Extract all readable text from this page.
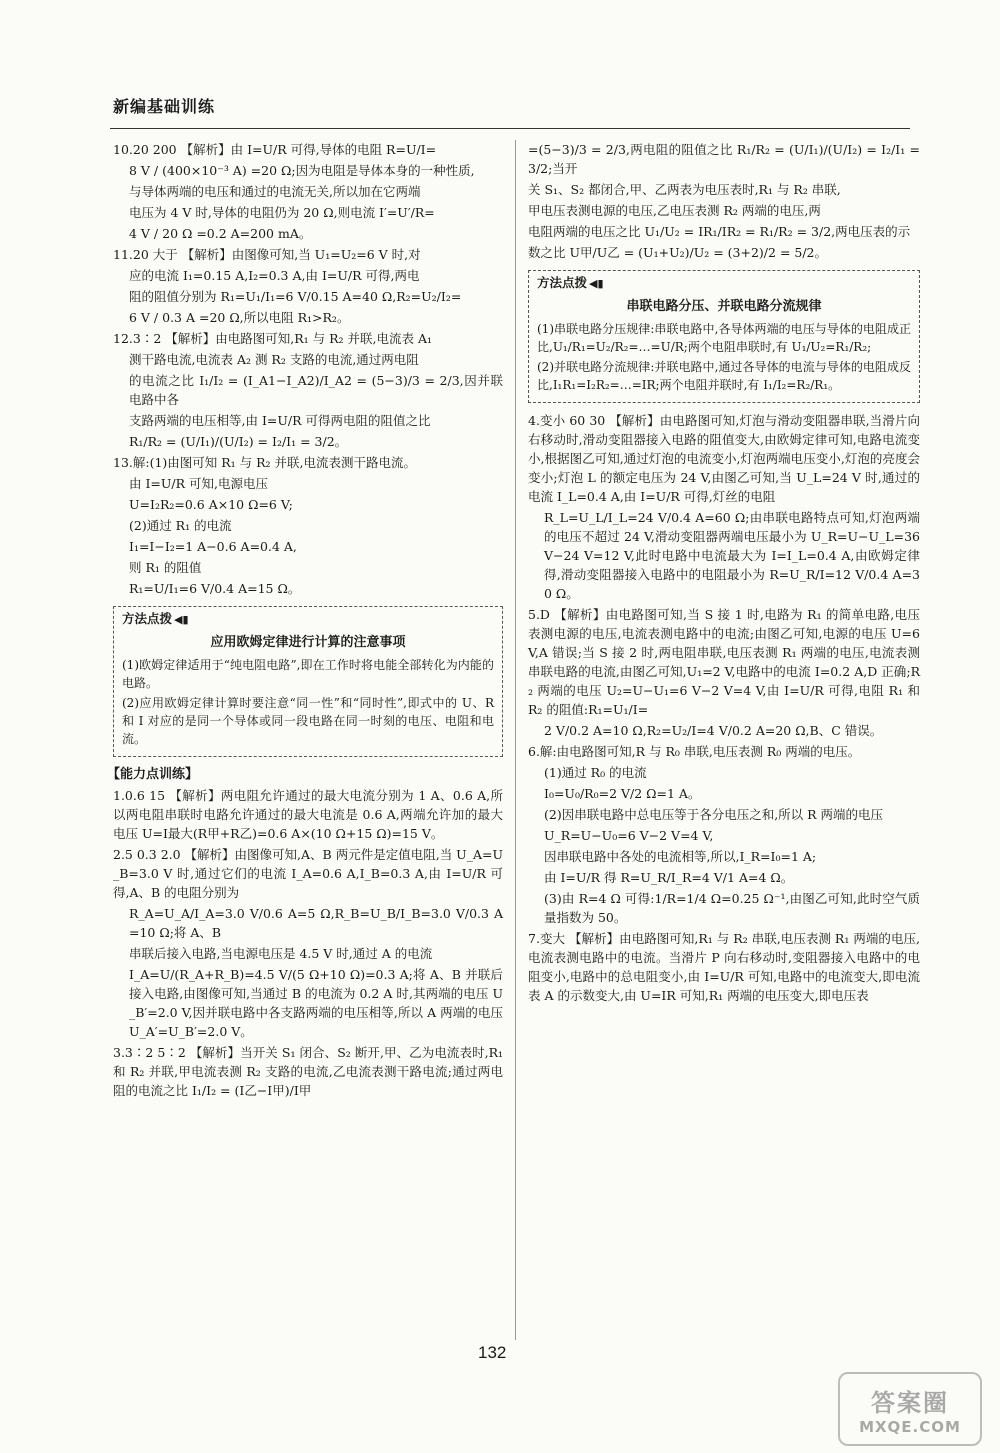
新编基础训练

10.20 200 【解析】由 I=U/R 可得,导体的电阻 R=U/I=

8 V / (400×10⁻³ A) =20 Ω;因为电阻是导体本身的一种性质,

与导体两端的电压和通过的电流无关,所以加在它两端

电压为 4 V 时,导体的电阻仍为 20 Ω,则电流 I′=U′/R=

4 V / 20 Ω =0.2 A=200 mA。

11.20 大于 【解析】由图像可知,当 U₁=U₂=6 V 时,对

应的电流 I₁=0.15 A,I₂=0.3 A,由 I=U/R 可得,两电

阻的阻值分别为 R₁=U₁/I₁=6 V/0.15 A=40 Ω,R₂=U₂/I₂=

6 V / 0.3 A =20 Ω,所以电阻 R₁>R₂。

12.3∶2 【解析】由电路图可知,R₁ 与 R₂ 并联,电流表 A₁

测干路电流,电流表 A₂ 测 R₂ 支路的电流,通过两电阻

的电流之比 I₁/I₂ = (I_A1−I_A2)/I_A2 = (5−3)/3 = 2/3,因并联电路中各

支路两端的电压相等,由 I=U/R 可得两电阻的阻值之比

R₁/R₂ = (U/I₁)/(U/I₂) = I₂/I₁ = 3/2。

13.解:(1)由图可知 R₁ 与 R₂ 并联,电流表测干路电流。

由 I=U/R 可知,电源电压

U=I₂R₂=0.6 A×10 Ω=6 V;

(2)通过 R₁ 的电流

I₁=I−I₂=1 A−0.6 A=0.4 A,

则 R₁ 的阻值

R₁=U/I₁=6 V/0.4 A=15 Ω。

方法点拨 ◀▮
应用欧姆定律进行计算的注意事项

(1)欧姆定律适用于“纯电阻电路”,即在工作时将电能全部转化为内能的电路。

(2)应用欧姆定律计算时要注意“同一性”和“同时性”,即式中的 U、R 和 I 对应的是同一个导体或同一段电路在同一时刻的电压、电阻和电流。

【能力点训练】

1.0.6 15 【解析】两电阻允许通过的最大电流分别为 1 A、0.6 A,所以两电阻串联时电路允许通过的最大电流是 0.6 A,两端允许加的最大电压 U=I最大(R甲+R乙)=0.6 A×(10 Ω+15 Ω)=15 V。

2.5 0.3 2.0 【解析】由图像可知,A、B 两元件是定值电阻,当 U_A=U_B=3.0 V 时,通过它们的电流 I_A=0.6 A,I_B=0.3 A,由 I=U/R 可得,A、B 的电阻分别为

R_A=U_A/I_A=3.0 V/0.6 A=5 Ω,R_B=U_B/I_B=3.0 V/0.3 A=10 Ω;将 A、B

串联后接入电路,当电源电压是 4.5 V 时,通过 A 的电流

I_A=U/(R_A+R_B)=4.5 V/(5 Ω+10 Ω)=0.3 A;将 A、B 并联后接入电路,由图像可知,当通过 B 的电流为 0.2 A 时,其两端的电压 U_B′=2.0 V,因并联电路中各支路两端的电压相等,所以 A 两端的电压 U_A′=U_B′=2.0 V。

3.3∶2 5∶2 【解析】当开关 S₁ 闭合、S₂ 断开,甲、乙为电流表时,R₁ 和 R₂ 并联,甲电流表测 R₂ 支路的电流,乙电流表测干路电流;通过两电阻的电流之比 I₁/I₂ = (I乙−I甲)/I甲

=(5−3)/3 = 2/3,两电阻的阻值之比 R₁/R₂ = (U/I₁)/(U/I₂) = I₂/I₁ = 3/2;当开

关 S₁、S₂ 都闭合,甲、乙两表为电压表时,R₁ 与 R₂ 串联,

甲电压表测电源的电压,乙电压表测 R₂ 两端的电压,两

电阻两端的电压之比 U₁/U₂ = IR₁/IR₂ = R₁/R₂ = 3/2,两电压表的示

数之比 U甲/U乙 = (U₁+U₂)/U₂ = (3+2)/2 = 5/2。

方法点拨 ◀▮
串联电路分压、并联电路分流规律

(1)串联电路分压规律:串联电路中,各导体两端的电压与导体的电阻成正比,U₁/R₁=U₂/R₂=…=U/R;两个电阻串联时,有 U₁/U₂=R₁/R₂;

(2)并联电路分流规律:并联电路中,通过各导体的电流与导体的电阻成反比,I₁R₁=I₂R₂=…=IR;两个电阻并联时,有 I₁/I₂=R₂/R₁。

4.变小 60 30 【解析】由电路图可知,灯泡与滑动变阻器串联,当滑片向右移动时,滑动变阻器接入电路的阻值变大,由欧姆定律可知,电路电流变小,根据图乙可知,通过灯泡的电流变小,灯泡两端电压变小,灯泡的亮度会变小;灯泡 L 的额定电压为 24 V,由图乙可知,当 U_L=24 V 时,通过的电流 I_L=0.4 A,由 I=U/R 可得,灯丝的电阻

R_L=U_L/I_L=24 V/0.4 A=60 Ω;由串联电路特点可知,灯泡两端的电压不超过 24 V,滑动变阻器两端电压最小为 U_R=U−U_L=36 V−24 V=12 V,此时电路中电流最大为 I=I_L=0.4 A,由欧姆定律得,滑动变阻器接入电路中的电阻最小为 R=U_R/I=12 V/0.4 A=30 Ω。

5.D 【解析】由电路图可知,当 S 接 1 时,电路为 R₁ 的简单电路,电压表测电源的电压,电流表测电路中的电流;由图乙可知,电源的电压 U=6 V,A 错误;当 S 接 2 时,两电阻串联,电压表测 R₁ 两端的电压,电流表测串联电路的电流,由图乙可知,U₁=2 V,电路中的电流 I=0.2 A,D 正确;R₂ 两端的电压 U₂=U−U₁=6 V−2 V=4 V,由 I=U/R 可得,电阻 R₁ 和 R₂ 的阻值:R₁=U₁/I=

2 V/0.2 A=10 Ω,R₂=U₂/I=4 V/0.2 A=20 Ω,B、C 错误。

6.解:由电路图可知,R 与 R₀ 串联,电压表测 R₀ 两端的电压。

(1)通过 R₀ 的电流

I₀=U₀/R₀=2 V/2 Ω=1 A。

(2)因串联电路中总电压等于各分电压之和,所以 R 两端的电压

U_R=U−U₀=6 V−2 V=4 V,

因串联电路中各处的电流相等,所以,I_R=I₀=1 A;

由 I=U/R 得 R=U_R/I_R=4 V/1 A=4 Ω。

(3)由 R=4 Ω 可得:1/R=1/4 Ω=0.25 Ω⁻¹,由图乙可知,此时空气质量指数为 50。

7.变大 【解析】由电路图可知,R₁ 与 R₂ 串联,电压表测 R₁ 两端的电压,电流表测电路中的电流。当滑片 P 向右移动时,变阻器接入电路中的电阻变小,电路中的总电阻变小,由 I=U/R 可知,电路中的电流变大,即电流表 A 的示数变大,由 U=IR 可知,R₁ 两端的电压变大,即电压表

132
答案圈
MXQE.COM
